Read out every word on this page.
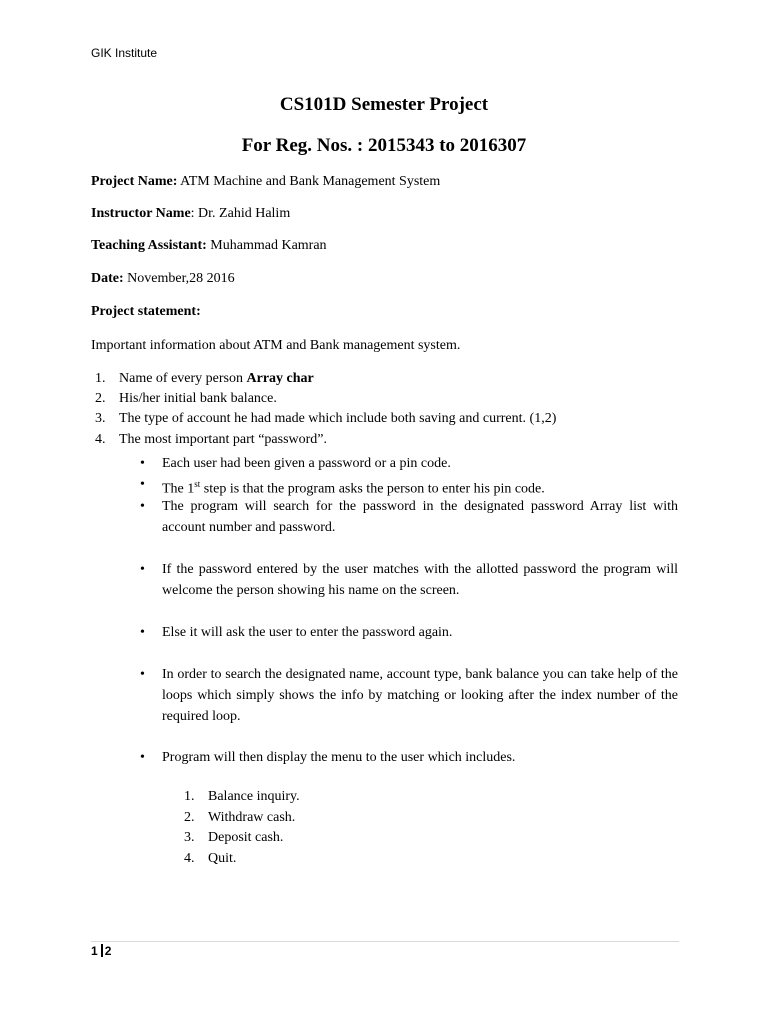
GIK Institute
CS101D Semester Project
For Reg. Nos. : 2015343 to 2016307
Project Name: ATM Machine and Bank Management System
Instructor Name: Dr. Zahid Halim
Teaching Assistant: Muhammad Kamran
Date: November,28 2016
Project statement:
Important information about ATM and Bank management system.
1. Name of every person Array char
2. His/her initial bank balance.
3. The type of account he had made which include both saving and current. (1,2)
4. The most important part “password”.
• Each user had been given a password or a pin code.
• The 1st step is that the program asks the person to enter his pin code.
• The program will search for the password in the designated password Array list with account number and password.
• If the password entered by the user matches with the allotted password the program will welcome the person showing his name on the screen.
• Else it will ask the user to enter the password again.
• In order to search the designated name, account type, bank balance you can take help of the loops which simply shows the info by matching or looking after the index number of the required loop.
• Program will then display the menu to the user which includes.
1. Balance inquiry.
2. Withdraw cash.
3. Deposit cash.
4. Quit.
1 2
